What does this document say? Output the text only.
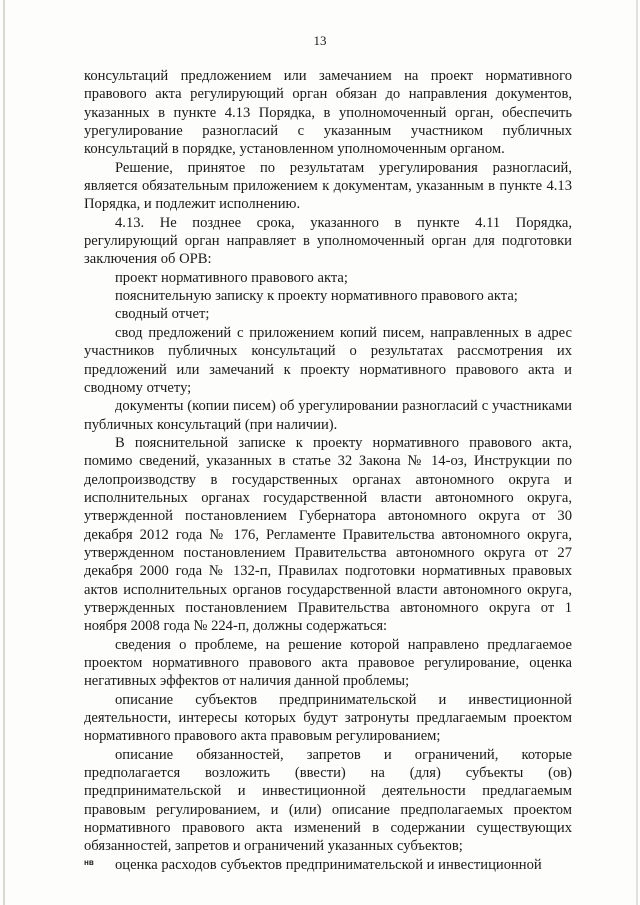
13

консультаций предложением или замечанием на проект нормативного правового акта регулирующий орган обязан до направления документов, указанных в пункте 4.13 Порядка, в уполномоченный орган, обеспечить урегулирование разногласий с указанным участником публичных консультаций в порядке, установленном уполномоченным органом.

Решение, принятое по результатам урегулирования разногласий, является обязательным приложением к документам, указанным в пункте 4.13 Порядка, и подлежит исполнению.

4.13. Не позднее срока, указанного в пункте 4.11 Порядка, регулирующий орган направляет в уполномоченный орган для подготовки заключения об ОРВ:

проект нормативного правового акта;

пояснительную записку к проекту нормативного правового акта;

сводный отчет;

свод предложений с приложением копий писем, направленных в адрес участников публичных консультаций о результатах рассмотрения их предложений или замечаний к проекту нормативного правового акта и сводному отчету;

документы (копии писем) об урегулировании разногласий с участниками публичных консультаций (при наличии).

В пояснительной записке к проекту нормативного правового акта, помимо сведений, указанных в статье 32 Закона № 14-оз, Инструкции по делопроизводству в государственных органах автономного округа и исполнительных органах государственной власти автономного округа, утвержденной постановлением Губернатора автономного округа от 30 декабря 2012 года № 176, Регламенте Правительства автономного округа, утвержденном постановлением Правительства автономного округа от 27 декабря 2000 года № 132-п, Правилах подготовки нормативных правовых актов исполнительных органов государственной власти автономного округа, утвержденных постановлением Правительства автономного округа от 1 ноября 2008 года № 224-п, должны содержаться:

сведения о проблеме, на решение которой направлено предлагаемое проектом нормативного правового акта правовое регулирование, оценка негативных эффектов от наличия данной проблемы;

описание субъектов предпринимательской и инвестиционной деятельности, интересы которых будут затронуты предлагаемым проектом нормативного правового акта правовым регулированием;

описание обязанностей, запретов и ограничений, которые предполагается возложить (ввести) на (для) субъекты (ов) предпринимательской и инвестиционной деятельности предлагаемым правовым регулированием, и (или) описание предполагаемых проектом нормативного правового акта изменений в содержании существующих обязанностей, запретов и ограничений указанных субъектов;

оценка расходов субъектов предпринимательской и инвестиционной

нв
